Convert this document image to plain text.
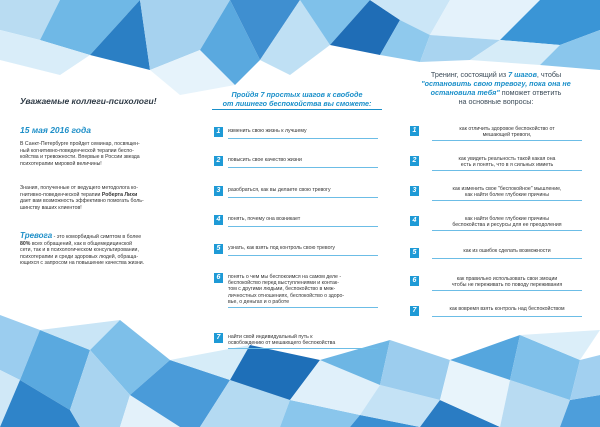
Уважаемые коллеги-психологи!
15 мая 2016 года
В Санкт-Петербурге пройдет семинар, посвящен-
ный когнитивно-поведенческой терапии беспо-
койства и тревожности. Впервые в России звезда
психотерапии мировой величины!
Знания, полученные от ведущего методолога ко-
гнитивно-поведенческой терапии Роберта Лихи
дает вам возможность эффективно помогать боль-
шинству ваших клиентов!
Тревога - это коморбидный симптом в более
80% всех обращений, как в общемедицинской
сети, так и в психологическом консультировании,
психотерапии и среди здоровых людей, обраща-
ющихся с запросом на повышение качества жизни.
Пройдя 7 простых шагов к свободе
от лишнего беспокойства вы сможете:
1	изменить свою жизнь к лучшему
2	повысить свое качество жизни
3	разобраться, как вы делаете свою тревогу
4	понять, почему она возникает
5	узнать, как взять под контроль свою тревогу
6	понять о чем мы беспокоимся на самом деле -
беспокойство перед выступлениями и контак-
том с другими людьми, беспокойство в меж-
личностных отношениях, беспокойство о здоро-
вье, о деньгах и о работе
7	найти свой индивидуальный путь к
освобождению от мешающего беспокойства
Тренинг, состоящий из 7 шагов, чтобы
"остановить свою тревогу, пока она не
остановила тебя" поможет ответить
на основные вопросы:
1	как отличить здоровое беспокойство от
мешающей тревоги,
2	как увидеть реальность такой какая она
есть и понять, что в я сильных имиеть
3	как изменить свое "беспокойное" мышление,
как найти более глубокие причины
4	как найти более глубокие причины
беспокойства и ресурсы для ее преодоления
5	как из ошибок сделать возможности
6	как правильно использовать свои эмоции
чтобы не переживать по поводу переживания
7	как вовремя взять контроль над беспокойством
